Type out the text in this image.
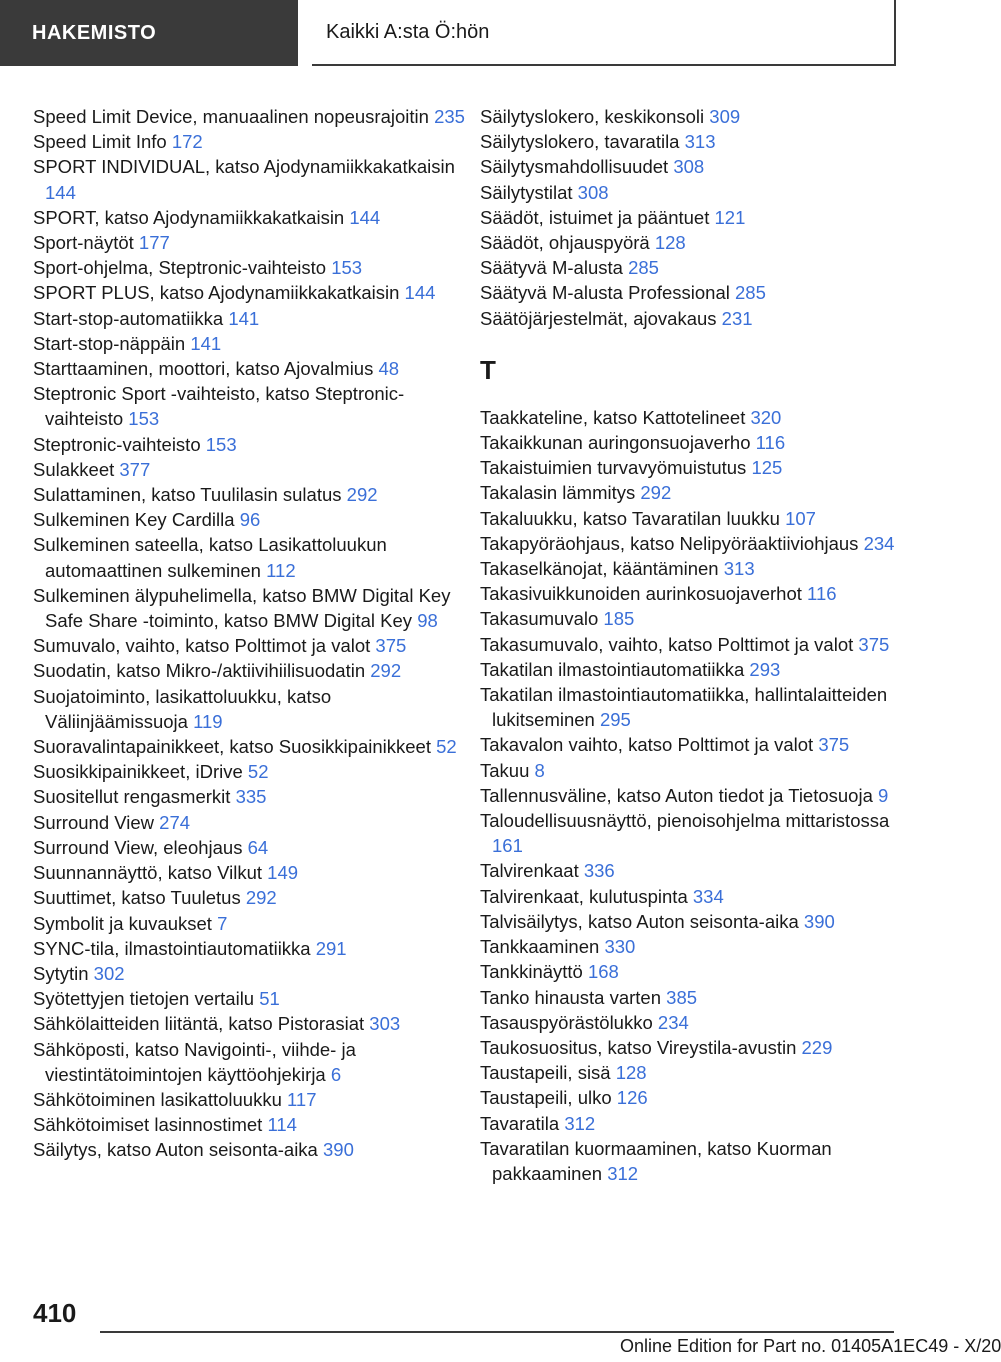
HAKEMISTO	Kaikki A:sta Ö:hön

Speed Limit Device, manuaalinen nopeusrajoitin 235

Speed Limit Info 172

SPORT INDIVIDUAL, katso Ajodynamiikkakatkaisin 144

SPORT, katso Ajodynamiikkakatkaisin 144

Sport-näytöt 177

Sport-ohjelma, Steptronic-vaihteisto 153

SPORT PLUS, katso Ajodynamiikkakatkaisin 144

Start-stop-automatiikka 141

Start-stop-näppäin 141

Starttaaminen, moottori, katso Ajovalmius 48

Steptronic Sport -vaihteisto, katso Steptronic-vaihteisto 153

Steptronic-vaihteisto 153

Sulakkeet 377

Sulattaminen, katso Tuulilasin sulatus 292

Sulkeminen Key Cardilla 96

Sulkeminen sateella, katso Lasikattoluukun automaattinen sulkeminen 112

Sulkeminen älypuhelimella, katso BMW Digital Key Safe Share -toiminto, katso BMW Digital Key 98

Sumuvalo, vaihto, katso Polttimot ja valot 375

Suodatin, katso Mikro-/aktiivihiilisuodatin 292

Suojatoiminto, lasikattoluukku, katso Väliinjäämissuoja 119

Suoravalintapainikkeet, katso Suosikkipainikkeet 52

Suosikkipainikkeet, iDrive 52

Suositellut rengasmerkit 335

Surround View 274

Surround View, eleohjaus 64

Suunnannäyttö, katso Vilkut 149

Suuttimet, katso Tuuletus 292

Symbolit ja kuvaukset 7

SYNC-tila, ilmastointiautomatiikka 291

Sytytin 302

Syötettyjen tietojen vertailu 51

Sähkölaitteiden liitäntä, katso Pistorasiat 303

Sähköposti, katso Navigointi-, viihde- ja viestintätoimintojen käyttöohjekirja 6

Sähkötoiminen lasikattoluukku 117

Sähkötoimiset lasinnostimet 114

Säilytys, katso Auton seisonta-aika 390

Säilytyslokero, keskikonsoli 309

Säilytyslokero, tavaratila 313

Säilytysmahdollisuudet 308

Säilytystilat 308

Säädöt, istuimet ja pääntuet 121

Säädöt, ohjauspyörä 128

Säätyvä M-alusta 285

Säätyvä M-alusta Professional 285

Säätöjärjestelmät, ajovakaus 231

T

Taakkateline, katso Kattotelineet 320

Takaikkunan auringonsuojaverho 116

Takaistuimien turvavyömuistutus 125

Takalasin lämmitys 292

Takaluukku, katso Tavaratilan luukku 107

Takapyöräohjaus, katso Nelipyöräaktiiviohjaus 234

Takaselkänojat, kääntäminen 313

Takasivuikkunoiden aurinkosuojaverhot 116

Takasumuvalo 185

Takasumuvalo, vaihto, katso Polttimot ja valot 375

Takatilan ilmastointiautomatiikka 293

Takatilan ilmastointiautomatiikka, hallintalaitteiden lukitseminen 295

Takavalon vaihto, katso Polttimot ja valot 375

Takuu 8

Tallennusväline, katso Auton tiedot ja Tietosuoja 9

Taloudellisuusnäyttö, pienoisohjelma mittaristossa 161

Talvirenkaat 336

Talvirenkaat, kulutuspinta 334

Talvisäilytys, katso Auton seisonta-aika 390

Tankkaaminen 330

Tankkinäyttö 168

Tanko hinausta varten 385

Tasauspyörästölukko 234

Taukosuositus, katso Vireystila-avustin 229

Taustapeili, sisä 128

Taustapeili, ulko 126

Tavaratila 312

Tavaratilan kuormaaminen, katso Kuorman pakkaaminen 312

410
Online Edition for Part no. 01405A1EC49 - X/20
